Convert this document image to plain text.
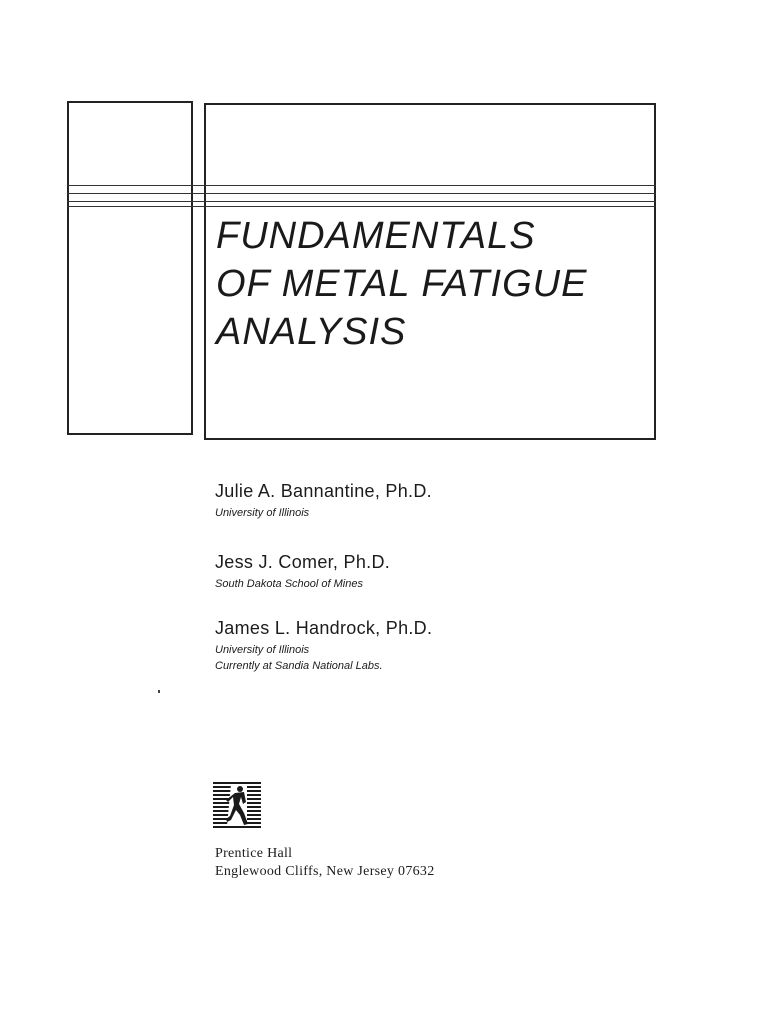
FUNDAMENTALS
OF METAL FATIGUE
ANALYSIS
Julie A. Bannantine, Ph.D.
University of Illinois
Jess J. Comer, Ph.D.
South Dakota School of Mines
James L. Handrock, Ph.D.
University of Illinois
Currently at Sandia National Labs.
Prentice Hall
Englewood Cliffs, New Jersey 07632
